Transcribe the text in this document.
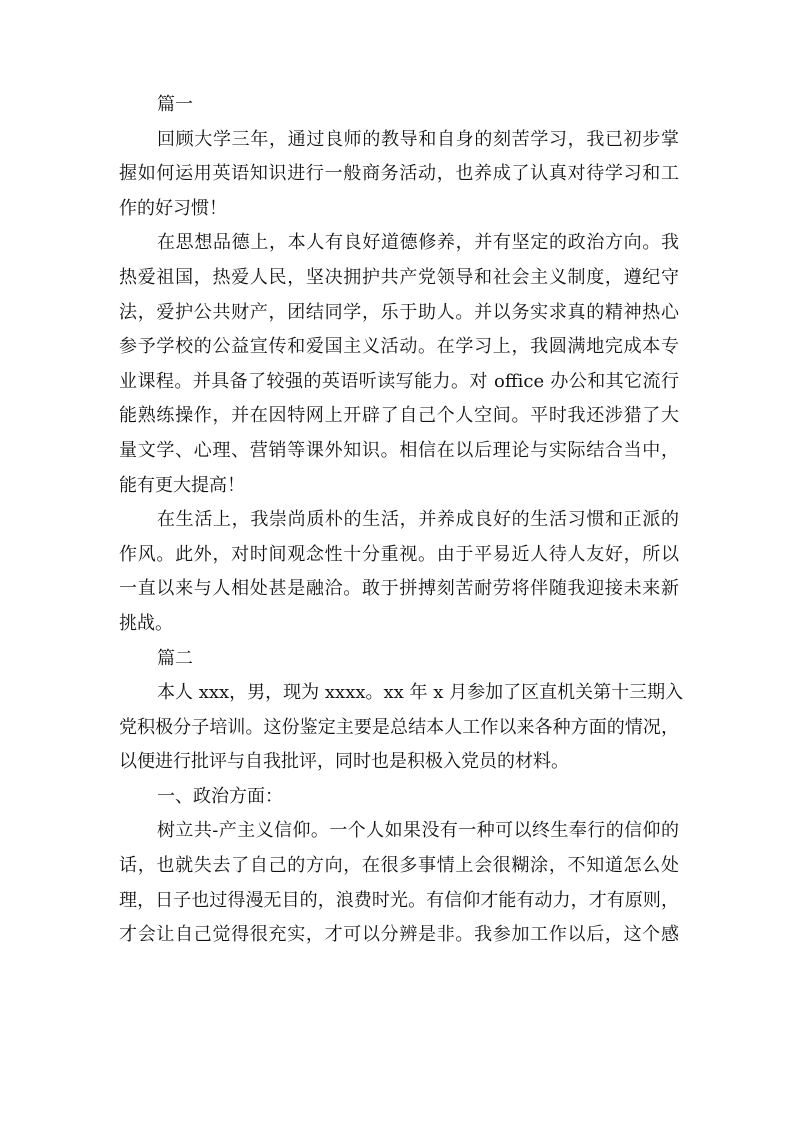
篇一
回顾大学三年，通过良师的教导和自身的刻苦学习，我已初步掌
握如何运用英语知识进行一般商务活动，也养成了认真对待学习和工
作的好习惯！
在思想品德上，本人有良好道德修养，并有坚定的政治方向。我
热爱祖国，热爱人民，坚决拥护共产党领导和社会主义制度，遵纪守
法，爱护公共财产，团结同学，乐于助人。并以务实求真的精神热心
参予学校的公益宣传和爱国主义活动。在学习上，我圆满地完成本专
业课程。并具备了较强的英语听读写能力。对 office 办公和其它流行
能熟练操作，并在因特网上开辟了自己个人空间。平时我还涉猎了大
量文学、心理、营销等课外知识。相信在以后理论与实际结合当中，
能有更大提高！
在生活上，我崇尚质朴的生活，并养成良好的生活习惯和正派的
作风。此外，对时间观念性十分重视。由于平易近人待人友好，所以
一直以来与人相处甚是融洽。敢于拼搏刻苦耐劳将伴随我迎接未来新
挑战。
篇二
本人 xxx，男，现为 xxxx。xx 年 x 月参加了区直机关第十三期入
党积极分子培训。这份鉴定主要是总结本人工作以来各种方面的情况，
以便进行批评与自我批评，同时也是积极入党员的材料。
一、政治方面：
树立共-产主义信仰。一个人如果没有一种可以终生奉行的信仰的
话，也就失去了自己的方向，在很多事情上会很糊涂，不知道怎么处
理，日子也过得漫无目的，浪费时光。有信仰才能有动力，才有原则，
才会让自己觉得很充实，才可以分辨是非。我参加工作以后，这个感
